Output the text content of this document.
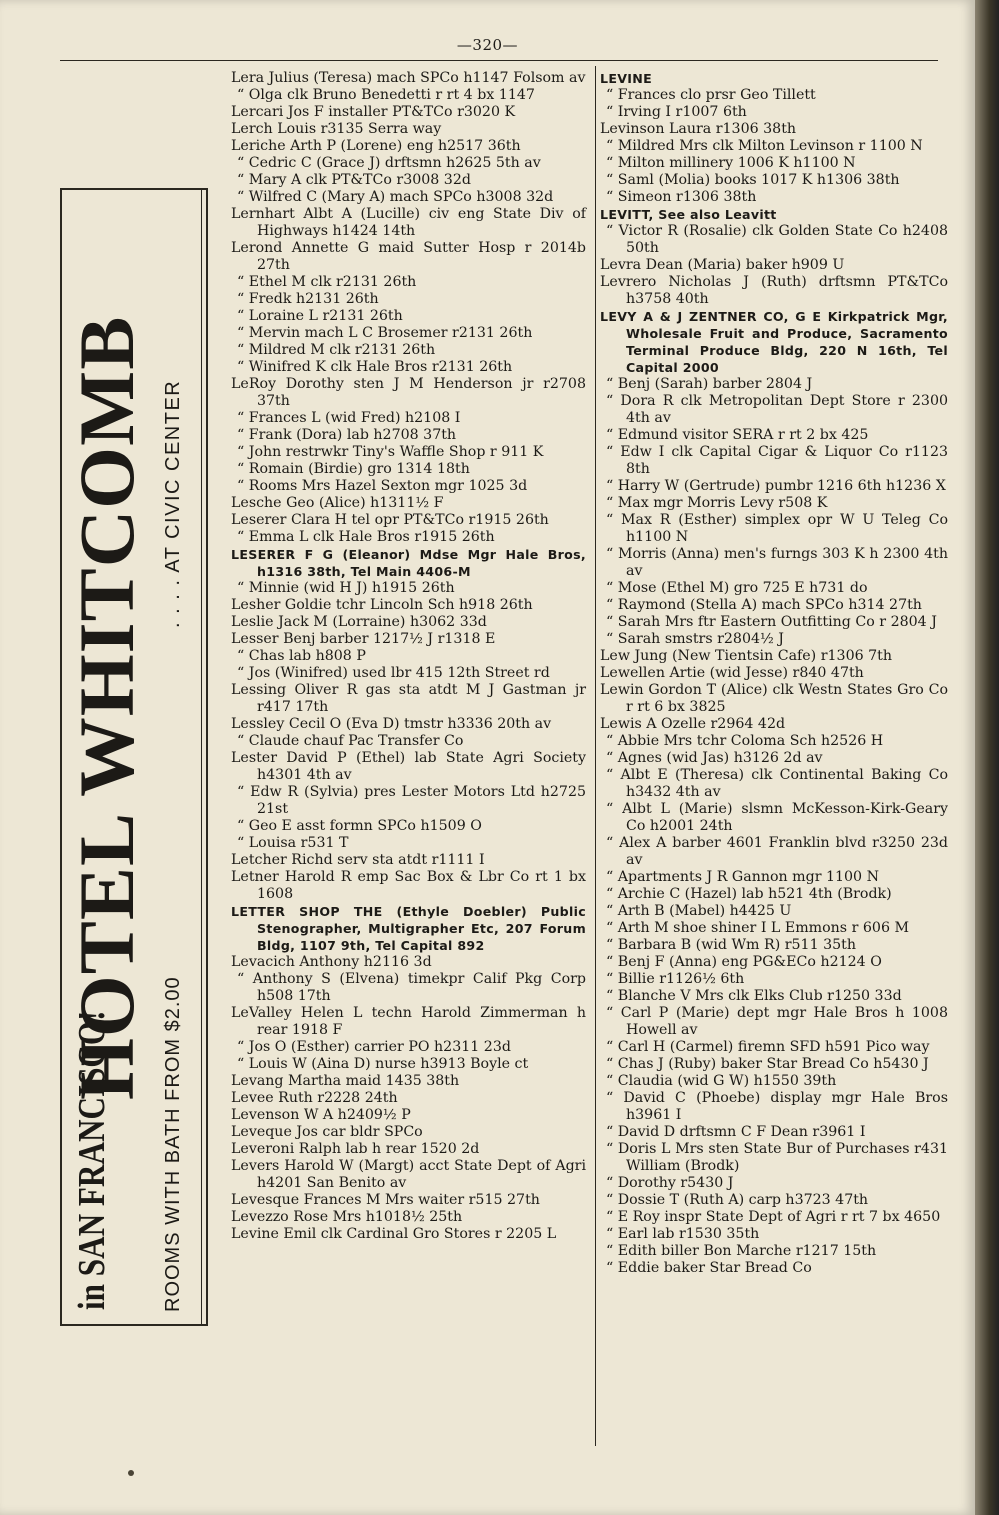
—320—
in SAN FRANCISCO!
HOTEL WHITCOMB
ROOMS WITH BATH FROM $2.00
. . . . AT CIVIC CENTER
Lera Julius (Teresa) mach SPCo h1147 Folsom av
“ Olga clk Bruno Benedetti r rt 4 bx 1147
Lercari Jos F installer PT&TCo r3020 K
Lerch Louis r3135 Serra way
Leriche Arth P (Lorene) eng h2517 36th
“ Cedric C (Grace J) drftsmn h2625 5th av
“ Mary A clk PT&TCo r3008 32d
“ Wilfred C (Mary A) mach SPCo h3008 32d
Lernhart Albt A (Lucille) civ eng State Div of Highways h1424 14th
Lerond Annette G maid Sutter Hosp r 2014b 27th
“ Ethel M clk r2131 26th
“ Fredk h2131 26th
“ Loraine L r2131 26th
“ Mervin mach L C Brosemer r2131 26th
“ Mildred M clk r2131 26th
“ Winifred K clk Hale Bros r2131 26th
LeRoy Dorothy sten J M Henderson jr r2708 37th
“ Frances L (wid Fred) h2108 I
“ Frank (Dora) lab h2708 37th
“ John restrwkr Tiny's Waffle Shop r 911 K
“ Romain (Birdie) gro 1314 18th
“ Rooms Mrs Hazel Sexton mgr 1025 3d
Lesche Geo (Alice) h1311½ F
Leserer Clara H tel opr PT&TCo r1915 26th
“ Emma L clk Hale Bros r1915 26th
LESERER F G (Eleanor) Mdse Mgr Hale Bros, h1316 38th, Tel Main 4406-M
“ Minnie (wid H J) h1915 26th
Lesher Goldie tchr Lincoln Sch h918 26th
Leslie Jack M (Lorraine) h3062 33d
Lesser Benj barber 1217½ J r1318 E
“ Chas lab h808 P
“ Jos (Winifred) used lbr 415 12th Street rd
Lessing Oliver R gas sta atdt M J Gastman jr r417 17th
Lessley Cecil O (Eva D) tmstr h3336 20th av
“ Claude chauf Pac Transfer Co
Lester David P (Ethel) lab State Agri Society h4301 4th av
“ Edw R (Sylvia) pres Lester Motors Ltd h2725 21st
“ Geo E asst formn SPCo h1509 O
“ Louisa r531 T
Letcher Richd serv sta atdt r1111 I
Letner Harold R emp Sac Box & Lbr Co rt 1 bx 1608
LETTER SHOP THE (Ethyle Doebler) Public Stenographer, Multigrapher Etc, 207 Forum Bldg, 1107 9th, Tel Capital 892
Levacich Anthony h2116 3d
“ Anthony S (Elvena) timekpr Calif Pkg Corp h508 17th
LeValley Helen L techn Harold Zimmerman h rear 1918 F
“ Jos O (Esther) carrier PO h2311 23d
“ Louis W (Aina D) nurse h3913 Boyle ct
Levang Martha maid 1435 38th
Levee Ruth r2228 24th
Levenson W A h2409½ P
Leveque Jos car bldr SPCo
Leveroni Ralph lab h rear 1520 2d
Levers Harold W (Margt) acct State Dept of Agri h4201 San Benito av
Levesque Frances M Mrs waiter r515 27th
Levezzo Rose Mrs h1018½ 25th
Levine Emil clk Cardinal Gro Stores r 2205 L
LEVINE
“ Frances clo prsr Geo Tillett
“ Irving I r1007 6th
Levinson Laura r1306 38th
“ Mildred Mrs clk Milton Levinson r 1100 N
“ Milton millinery 1006 K h1100 N
“ Saml (Molia) books 1017 K h1306 38th
“ Simeon r1306 38th
LEVITT, See also Leavitt
“ Victor R (Rosalie) clk Golden State Co h2408 50th
Levra Dean (Maria) baker h909 U
Levrero Nicholas J (Ruth) drftsmn PT&TCo h3758 40th
LEVY A & J ZENTNER CO, G E Kirkpatrick Mgr, Wholesale Fruit and Produce, Sacramento Terminal Produce Bldg, 220 N 16th, Tel Capital 2000
“ Benj (Sarah) barber 2804 J
“ Dora R clk Metropolitan Dept Store r 2300 4th av
“ Edmund visitor SERA r rt 2 bx 425
“ Edw I clk Capital Cigar & Liquor Co r1123 8th
“ Harry W (Gertrude) pumbr 1216 6th h1236 X
“ Max mgr Morris Levy r508 K
“ Max R (Esther) simplex opr W U Teleg Co h1100 N
“ Morris (Anna) men's furngs 303 K h 2300 4th av
“ Mose (Ethel M) gro 725 E h731 do
“ Raymond (Stella A) mach SPCo h314 27th
“ Sarah Mrs ftr Eastern Outfitting Co r 2804 J
“ Sarah smstrs r2804½ J
Lew Jung (New Tientsin Cafe) r1306 7th
Lewellen Artie (wid Jesse) r840 47th
Lewin Gordon T (Alice) clk Westn States Gro Co r rt 6 bx 3825
Lewis A Ozelle r2964 42d
“ Abbie Mrs tchr Coloma Sch h2526 H
“ Agnes (wid Jas) h3126 2d av
“ Albt E (Theresa) clk Continental Baking Co h3432 4th av
“ Albt L (Marie) slsmn McKesson-Kirk-Geary Co h2001 24th
“ Alex A barber 4601 Franklin blvd r3250 23d av
“ Apartments J R Gannon mgr 1100 N
“ Archie C (Hazel) lab h521 4th (Brodk)
“ Arth B (Mabel) h4425 U
“ Arth M shoe shiner I L Emmons r 606 M
“ Barbara B (wid Wm R) r511 35th
“ Benj F (Anna) eng PG&ECo h2124 O
“ Billie r1126½ 6th
“ Blanche V Mrs clk Elks Club r1250 33d
“ Carl P (Marie) dept mgr Hale Bros h 1008 Howell av
“ Carl H (Carmel) firemn SFD h591 Pico way
“ Chas J (Ruby) baker Star Bread Co h5430 J
“ Claudia (wid G W) h1550 39th
“ David C (Phoebe) display mgr Hale Bros h3961 I
“ David D drftsmn C F Dean r3961 I
“ Doris L Mrs sten State Bur of Purchases r431 William (Brodk)
“ Dorothy r5430 J
“ Dossie T (Ruth A) carp h3723 47th
“ E Roy inspr State Dept of Agri r rt 7 bx 4650
“ Earl lab r1530 35th
“ Edith biller Bon Marche r1217 15th
“ Eddie baker Star Bread Co
